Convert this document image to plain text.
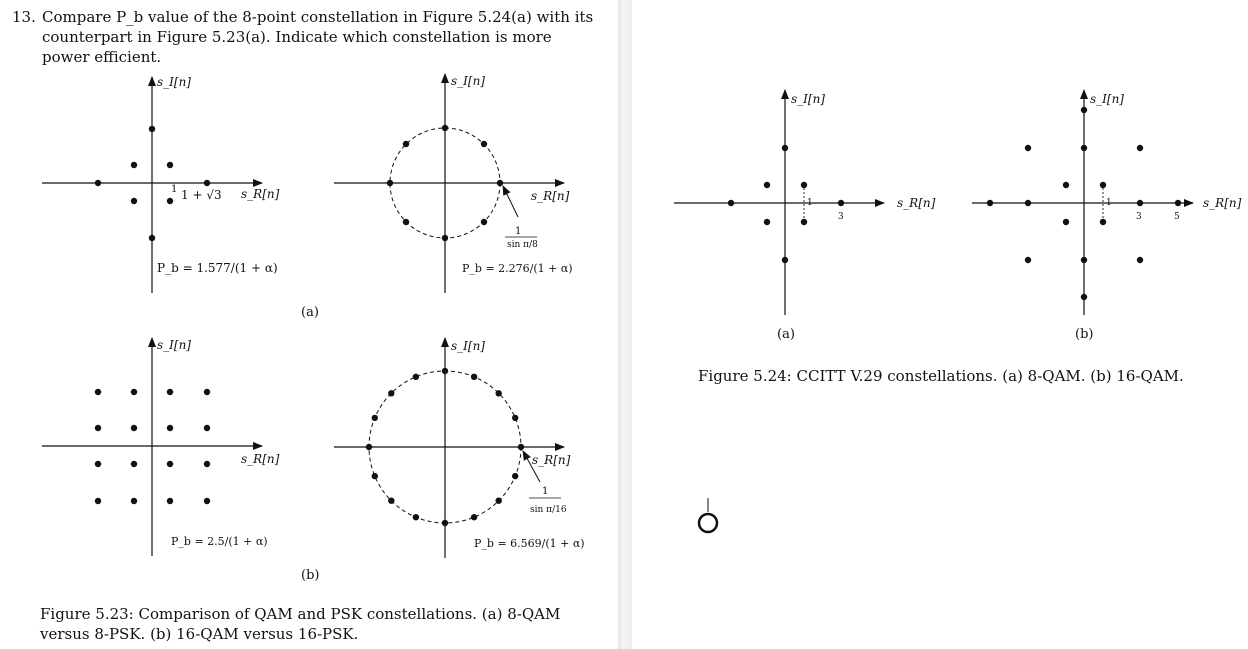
13. Compare P_b value of the 8-point constellation in Figure 5.24(a) with its counterpart in Figure 5.23(a). Indicate which constellation is more power efficient.
s_I[n]
s_R[n]
1 1 + √3
P_b = 1.577/(1 + α)
s_I[n]
s_R[n]
1
sin π/8
P_b = 2.276/(1 + α)
(a)
s_I[n]
s_R[n]
P_b = 2.5/(1 + α)
s_I[n]
s_R[n]
1
sin π/16
P_b = 6.569/(1 + α)
(b)
s_I[n]
s_R[n]
1
3
(a)
s_I[n]
s_R[n]
1
3	5
(b)
Figure 5.23: Comparison of QAM and PSK constellations. (a) 8-QAM versus 8-PSK. (b) 16-QAM versus 16-PSK.
Figure 5.24: CCITT V.29 constellations. (a) 8-QAM. (b) 16-QAM.
